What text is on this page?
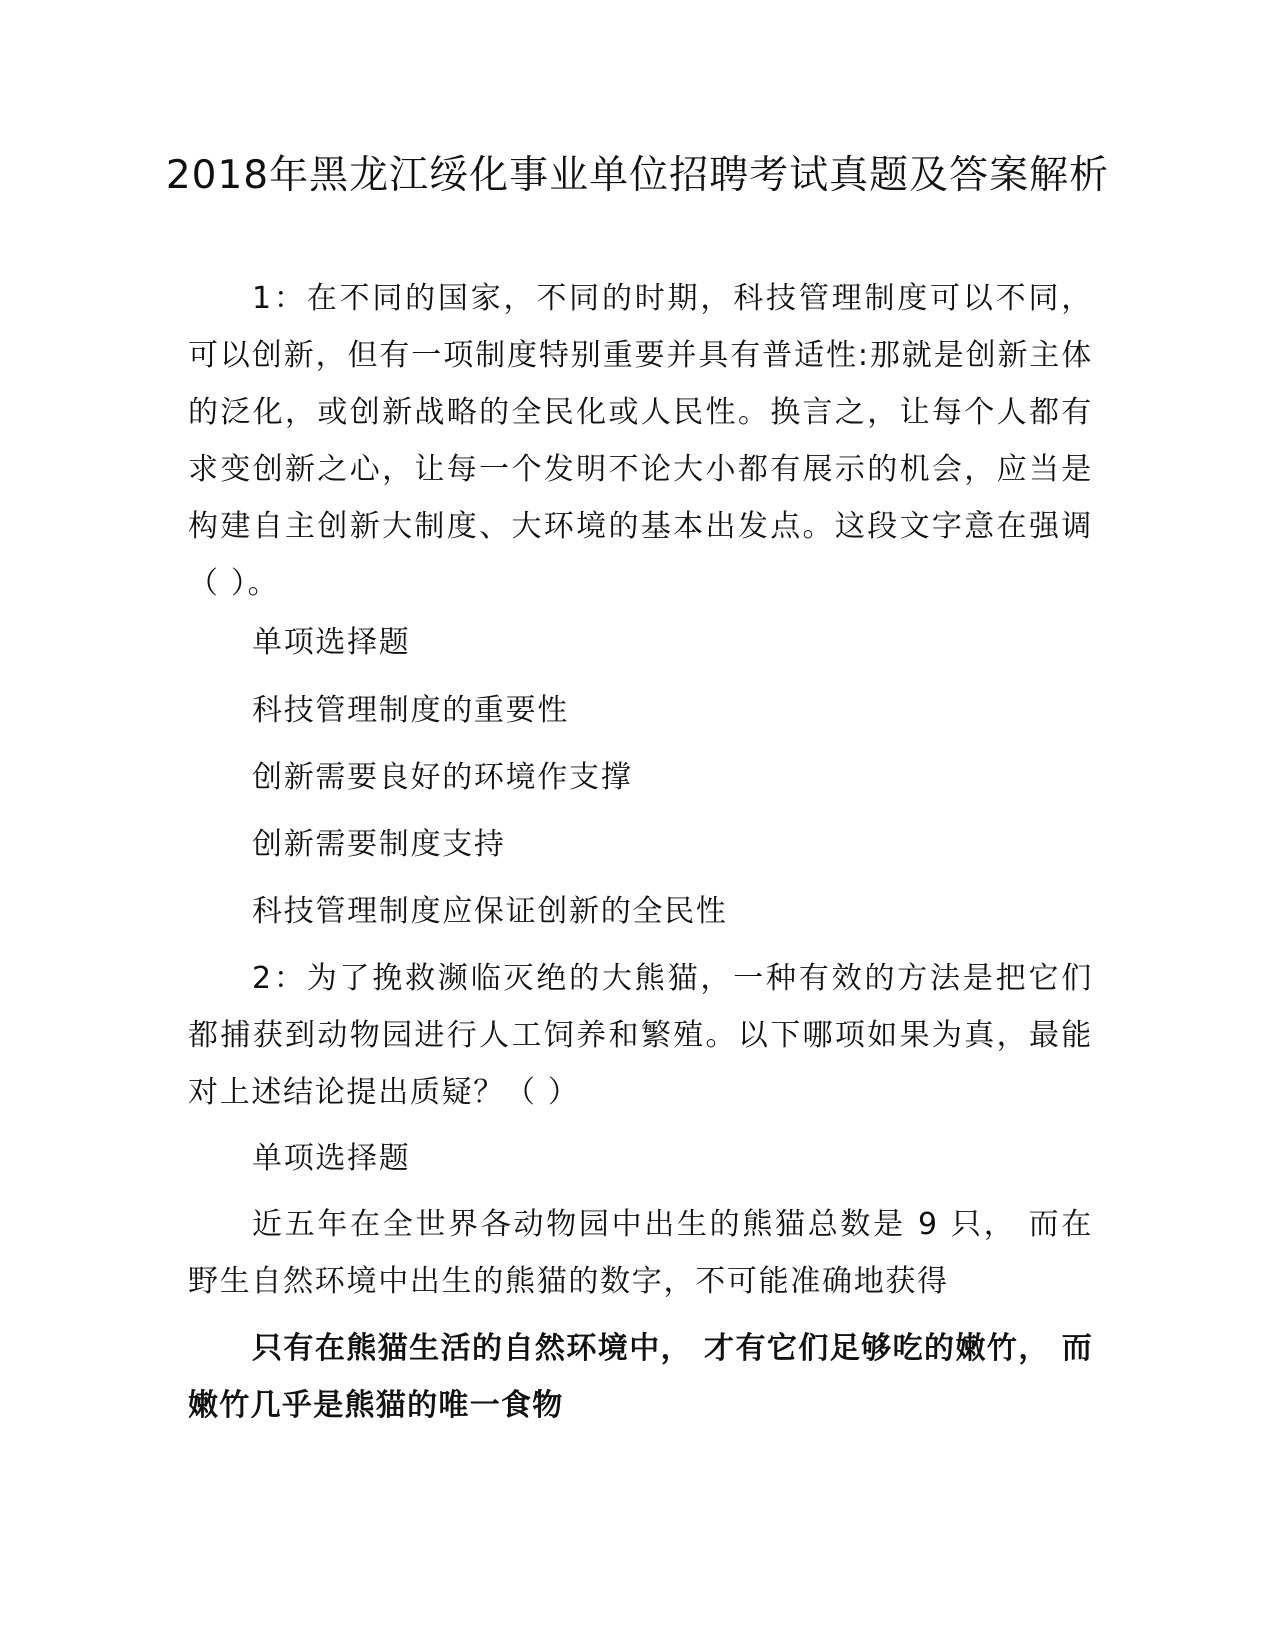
2018年黑龙江绥化事业单位招聘考试真题及答案解析

1：在不同的国家，不同的时期，科技管理制度可以不同，可以创新，但有一项制度特别重要并具有普适性:那就是创新主体的泛化，或创新战略的全民化或人民性。换言之，让每个人都有求变创新之心，让每一个发明不论大小都有展示的机会，应当是构建自主创新大制度、大环境的基本出发点。这段文字意在强调（ ）。

单项选择题

科技管理制度的重要性

创新需要良好的环境作支撑

创新需要制度支持

科技管理制度应保证创新的全民性

2：为了挽救濒临灭绝的大熊猫，一种有效的方法是把它们都捕获到动物园进行人工饲养和繁殖。以下哪项如果为真，最能对上述结论提出质疑？（ ）

单项选择题

近五年在全世界各动物园中出生的熊猫总数是 9 只， 而在野生自然环境中出生的熊猫的数字，不可能准确地获得

只有在熊猫生活的自然环境中， 才有它们足够吃的嫩竹， 而嫩竹几乎是熊猫的唯一食物
